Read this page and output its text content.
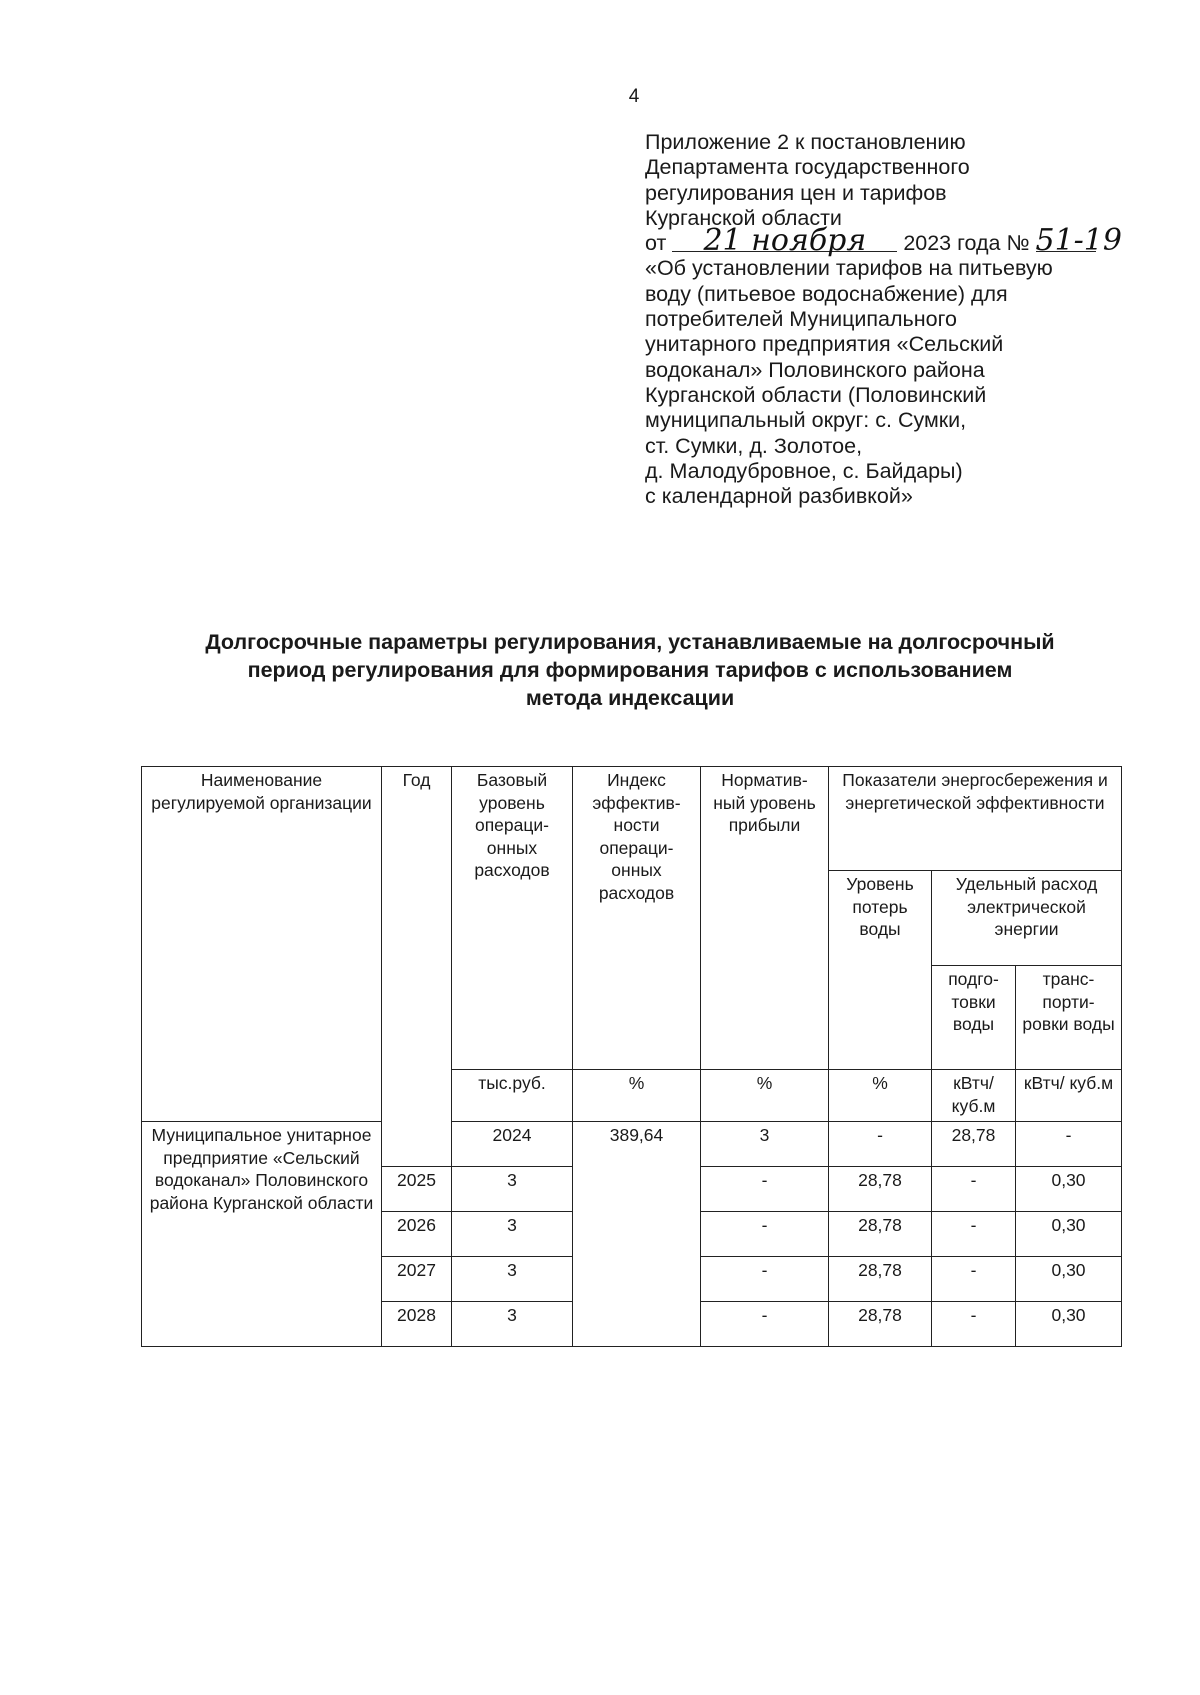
4
Приложение 2 к постановлению
Департамента государственного
регулирования цен и тарифов
Курганской области
от 21 ноября 2023 года № 51-19
«Об установлении тарифов на питьевую
воду (питьевое водоснабжение) для
потребителей Муниципального
унитарного предприятия «Сельский
водоканал» Половинского района
Курганской области (Половинский
муниципальный округ: с. Сумки,
ст. Сумки, д. Золотое,
д. Малодубровное, с. Байдары)
с календарной разбивкой»
Долгосрочные параметры регулирования, устанавливаемые на долгосрочный
период регулирования для формирования тарифов с использованием
метода индексации
Наименование регулируемой организации	Год	Базовый уровень операци- онных расходов	Индекс эффектив- ности операци- онных расходов	Норматив- ный уровень прибыли	Показатели энергосбережения и энергетической эффективности			
					Уровень потерь воды	Удельный расход электрической энергии		
						подго- товки воды	транс- порти- ровки воды	
		тыс.руб.	%	%	%	кВтч/ куб.м	кВтч/ куб.м	
Муниципальное унитарное предприятие «Сельский водоканал» Половинского района Курганской области		2024	389,64	3	-	28,78	-	
	2025	3		-	28,78	-	0,30	
	2026	3		-	28,78	-	0,30	
	2027	3		-	28,78	-	0,30	
	2028	3		-	28,78	-	0,30	
